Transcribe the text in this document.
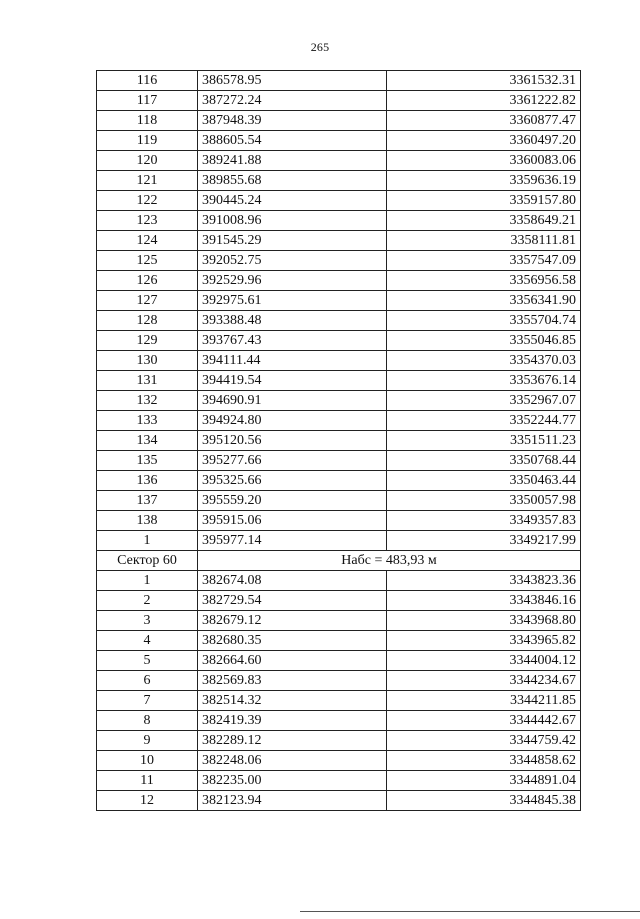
265
116	386578.95	3361532.31
117	387272.24	3361222.82
118	387948.39	3360877.47
119	388605.54	3360497.20
120	389241.88	3360083.06
121	389855.68	3359636.19
122	390445.24	3359157.80
123	391008.96	3358649.21
124	391545.29	3358111.81
125	392052.75	3357547.09
126	392529.96	3356956.58
127	392975.61	3356341.90
128	393388.48	3355704.74
129	393767.43	3355046.85
130	394111.44	3354370.03
131	394419.54	3353676.14
132	394690.91	3352967.07
133	394924.80	3352244.77
134	395120.56	3351511.23
135	395277.66	3350768.44
136	395325.66	3350463.44
137	395559.20	3350057.98
138	395915.06	3349357.83
1	395977.14	3349217.99
Сектор 60	Набс = 483,93 м	
1	382674.08	3343823.36
2	382729.54	3343846.16
3	382679.12	3343968.80
4	382680.35	3343965.82
5	382664.60	3344004.12
6	382569.83	3344234.67
7	382514.32	3344211.85
8	382419.39	3344442.67
9	382289.12	3344759.42
10	382248.06	3344858.62
11	382235.00	3344891.04
12	382123.94	3344845.38
